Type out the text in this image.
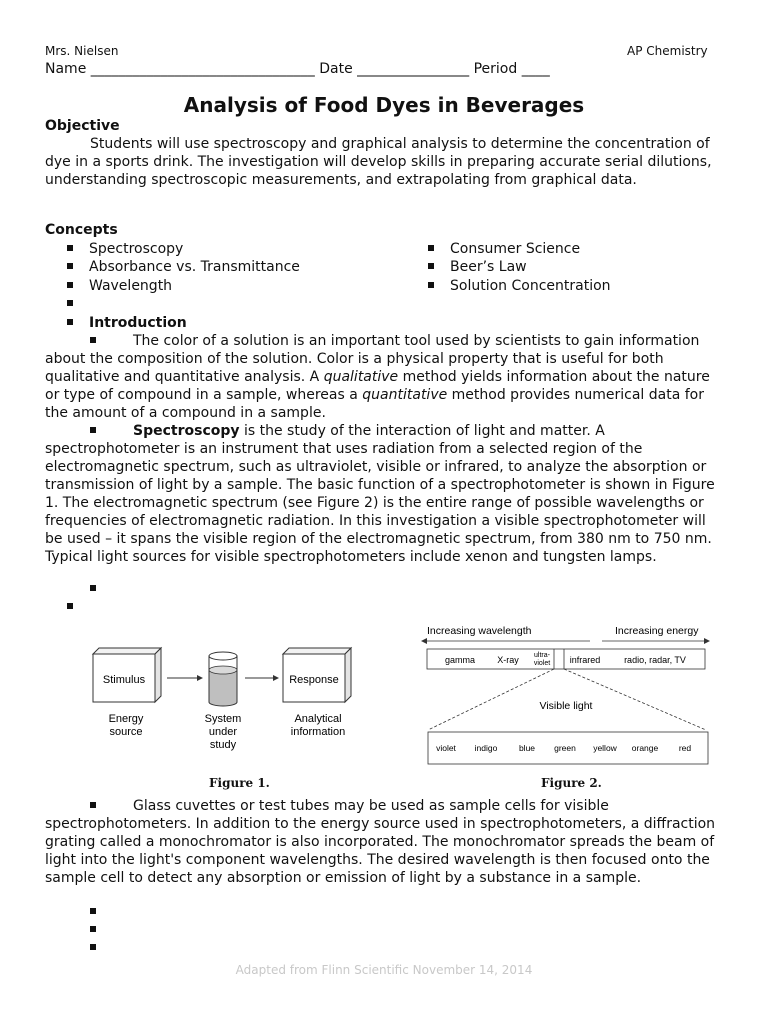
Mrs. Nielsen	AP Chemistry
Name ________________________________ Date ________________ Period ____
Analysis of Food Dyes in Beverages
Objective
Students will use spectroscopy and graphical analysis to determine the concentration of dye in a sports drink. The investigation will develop skills in preparing accurate serial dilutions, understanding spectroscopic measurements, and extrapolating from graphical data.
Concepts
Spectroscopy
Absorbance vs. Transmittance
Wavelength
Consumer Science
Beer’s Law
Solution Concentration
Introduction
The color of a solution is an important tool used by scientists to gain information about the composition of the solution. Color is a physical property that is useful for both qualitative and quantitative analysis. A qualitative method yields information about the nature or type of compound in a sample, whereas a quantitative method provides numerical data for the amount of a compound in a sample.
Spectroscopy is the study of the interaction of light and matter. A spectrophotometer is an instrument that uses radiation from a selected region of the electromagnetic spectrum, such as ultraviolet, visible or infrared, to analyze the absorption or transmission of light by a sample. The basic function of a spectrophotometer is shown in Figure 1. The electromagnetic spectrum (see Figure 2) is the entire range of possible wavelengths or frequencies of electromagnetic radiation. In this investigation a visible spectrophotometer will be used – it spans the visible region of the electromagnetic spectrum, from 380 nm to 750 nm. Typical light sources for visible spectrophotometers include xenon and tungsten lamps.
Stimulus	Response
Energy
source
System
under
study
Analytical
information
Figure 1.
Increasing wavelength	Increasing energy
gamma X-ray ultra-
violet infrared	radio, radar, TV
Visible light
violet indigo	blue green yellow orange red
Figure 2.
Glass cuvettes or test tubes may be used as sample cells for visible spectrophotometers. In addition to the energy source used in spectrophotometers, a diffraction grating called a monochromator is also incorporated. The monochromator spreads the beam of light into the light's component wavelengths. The desired wavelength is then focused onto the sample cell to detect any absorption or emission of light by a substance in a sample.
Adapted from Flinn Scientific November 14, 2014
